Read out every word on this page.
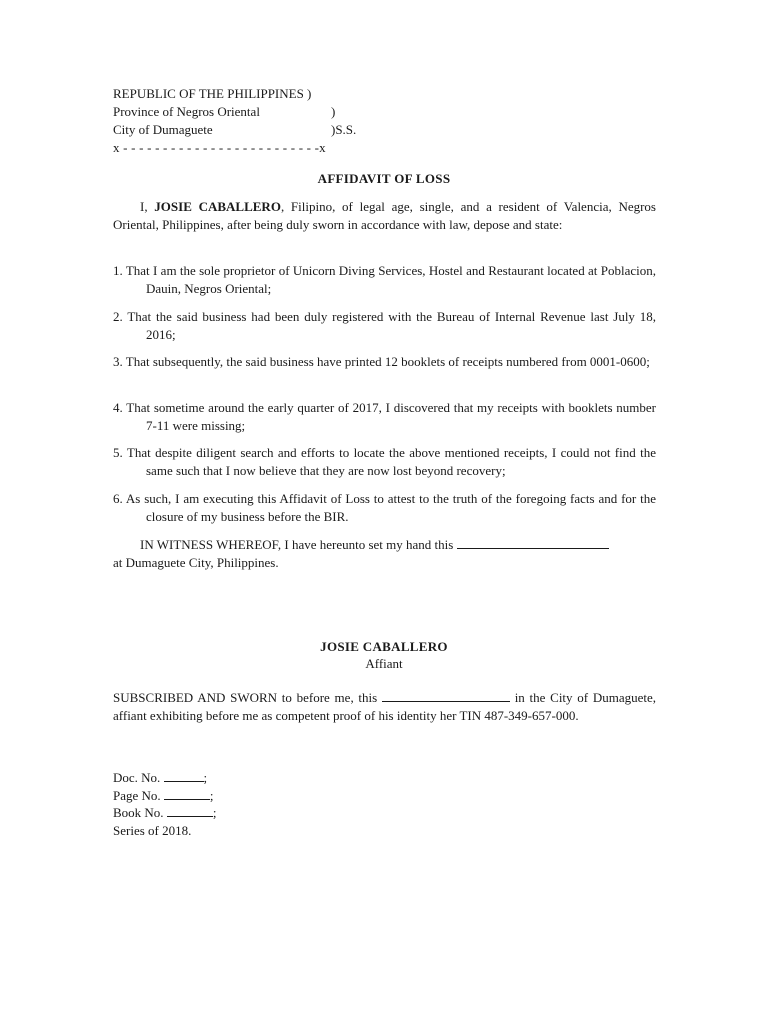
REPUBLIC OF THE PHILIPPINES )
Province of Negros Oriental	)
City of Dumaguete	)S.S.
x - - - - - - - - - - - - - - - - - - - - - - - - -x
AFFIDAVIT OF LOSS

I, JOSIE CABALLERO, Filipino, of legal age, single, and a resident of Valencia, Negros Oriental, Philippines, after being duly sworn in accordance with law, depose and state:

1. That I am the sole proprietor of Unicorn Diving Services, Hostel and Restaurant located at Poblacion, Dauin, Negros Oriental;

2. That the said business had been duly registered with the Bureau of Internal Revenue last July 18, 2016;

3. That subsequently, the said business have printed 12 booklets of receipts numbered from 0001-0600;

4. That sometime around the early quarter of 2017, I discovered that my receipts with booklets number 7-11 were missing;

5. That despite diligent search and efforts to locate the above mentioned receipts, I could not find the same such that I now believe that they are now lost beyond recovery;

6. As such, I am executing this Affidavit of Loss to attest to the truth of the foregoing facts and for the closure of my business before the BIR.

IN WITNESS WHEREOF, I have hereunto set my hand this
at Dumaguete City, Philippines.

JOSIE CABALLERO
Affiant

SUBSCRIBED AND SWORN to before me, this	in the City of Dumaguete, affiant exhibiting before me as competent proof of his identity her TIN 487-349-657-000.

Doc. No.	;
Page No.	;
Book No.	;
Series of 2018.
